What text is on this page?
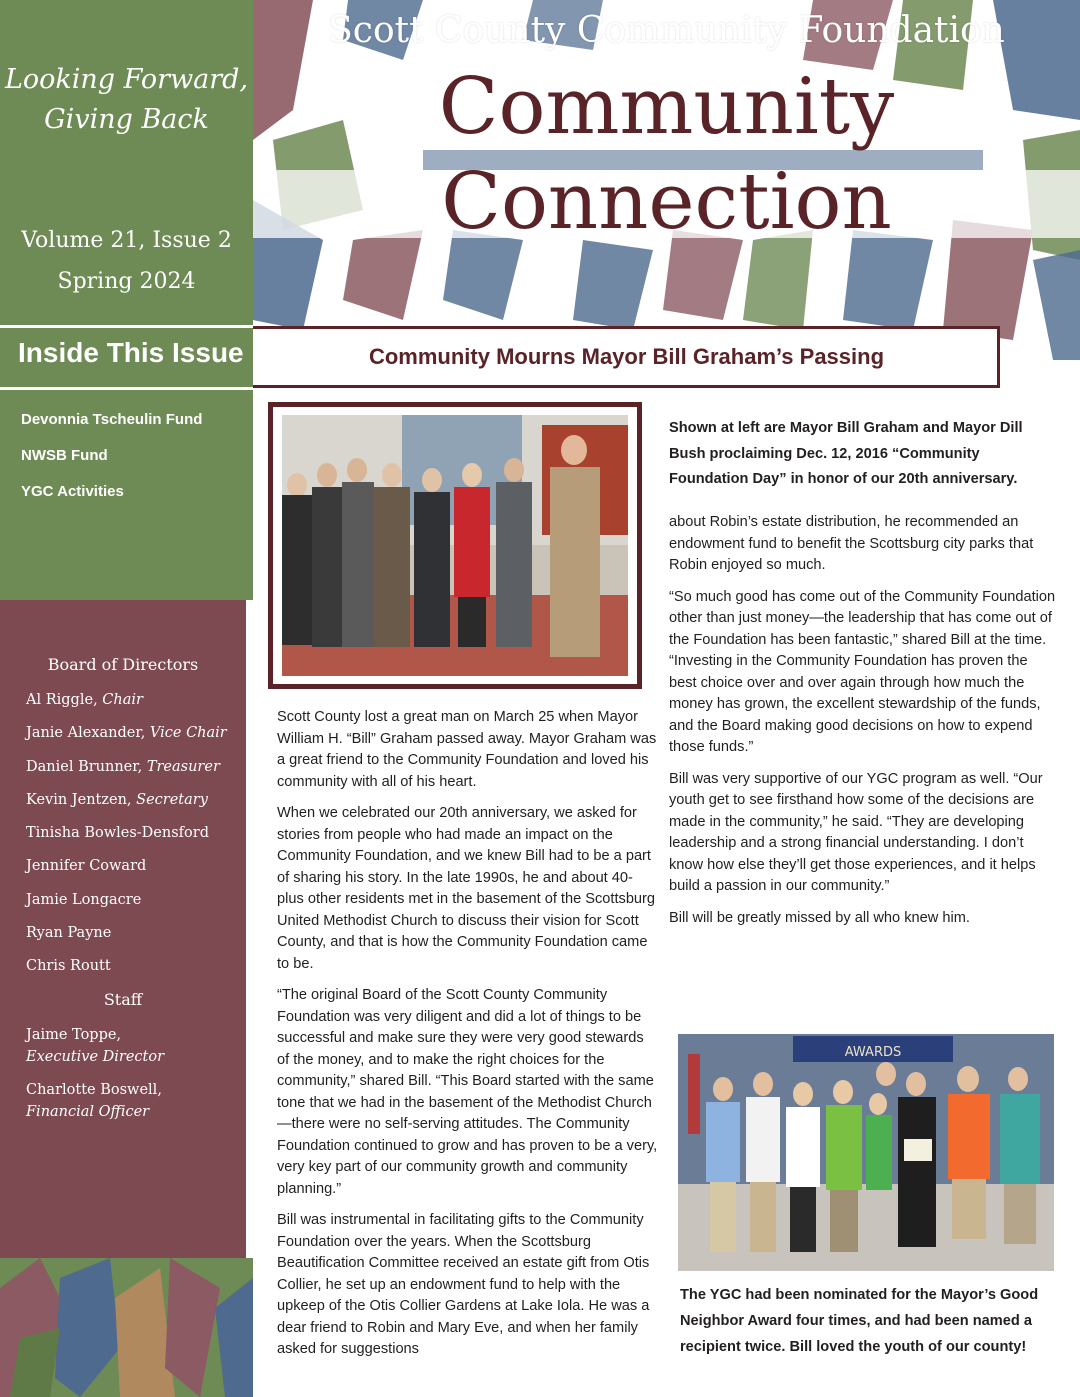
Looking Forward,
Giving Back
Volume 21, Issue 2
Spring 2024
Inside This Issue
Devonnia Tscheulin Fund
NWSB Fund
YGC Activities
Board of Directors
Al Riggle, Chair
Janie Alexander, Vice Chair
Daniel Brunner, Treasurer
Kevin Jentzen, Secretary
Tinisha Bowles-Densford
Jennifer Coward
Jamie Longacre
Ryan Payne
Chris Routt
Staff
Jaime Toppe,
Executive Director
Charlotte Boswell,
Financial Officer
Scott County Community Foundation
Community
Connection
Community Mourns Mayor Bill Graham’s Passing
Shown at left are Mayor Bill Graham and Mayor Dill Bush proclaiming Dec. 12, 2016 “Community Foundation Day” in honor of our 20th anniversary.

Scott County lost a great man on March 25 when Mayor William H. “Bill” Graham passed away. Mayor Graham was a great friend to the Community Foundation and loved his community with all of his heart.

When we celebrated our 20th anniversary, we asked for stories from people who had made an impact on the Community Foundation, and we knew Bill had to be a part of sharing his story. In the late 1990s, he and about 40-plus other residents met in the basement of the Scottsburg United Methodist Church to discuss their vision for Scott County, and that is how the Community Foundation came to be.

“The original Board of the Scott County Community Foundation was very diligent and did a lot of things to be successful and make sure they were very good stewards of the money, and to make the right choices for the community,” shared Bill. “This Board started with the same tone that we had in the basement of the Methodist Church—there were no self-serving attitudes. The Community Foundation continued to grow and has proven to be a very, very key part of our community growth and community planning.”

Bill was instrumental in facilitating gifts to the Community Foundation over the years. When the Scottsburg Beautification Committee received an estate gift from Otis Collier, he set up an endowment fund to help with the upkeep of the Otis Collier Gardens at Lake Iola. He was a dear friend to Robin and Mary Eve, and when her family asked for suggestions

about Robin’s estate distribution, he recommended an endowment fund to benefit the Scottsburg city parks that Robin enjoyed so much.

“So much good has come out of the Community Foundation other than just money—the leadership that has come out of the Foundation has been fantastic,” shared Bill at the time. “Investing in the Community Foundation has proven the best choice over and over again through how much the money has grown, the excellent stewardship of the funds, and the Board making good decisions on how to expend those funds.”

Bill was very supportive of our YGC program as well. “Our youth get to see firsthand how some of the decisions are made in the community,” he said. “They are developing leadership and a strong financial understanding. I don’t know how else they’ll get those experiences, and it helps build a passion in our community.”

Bill will be greatly missed by all who knew him.

AWARDS
The YGC had been nominated for the Mayor’s Good Neighbor Award four times, and had been named a recipient twice. Bill loved the youth of our county!
